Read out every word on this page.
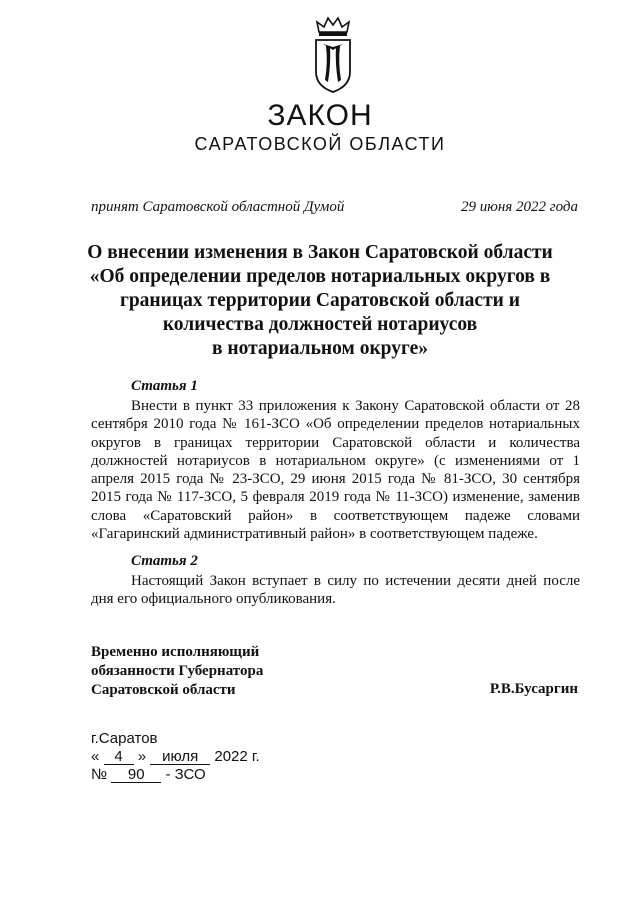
ЗАКОН
САРАТОВСКОЙ ОБЛАСТИ
принят Саратовской областной Думой	29 июня 2022 года
О внесении изменения в Закон Саратовской области
«Об определении пределов нотариальных округов в
границах территории Саратовской области и
количества должностей нотариусов
в нотариальном округе»
Статья 1
Внести в пункт 33 приложения к Закону Саратовской области от 28 сентября 2010 года № 161-ЗСО «Об определении пределов нотариальных округов в границах территории Саратовской области и количества должностей нотариусов в нотариальном округе» (с изменениями от 1 апреля 2015 года № 23-ЗСО, 29 июня 2015 года № 81-ЗСО, 30 сентября 2015 года № 117-ЗСО, 5 февраля 2019 года № 11-ЗСО) изменение, заменив слова «Саратовский район» в соответствующем падеже словами «Гагаринский административный район» в соответствующем падеже.
Статья 2
Настоящий Закон вступает в силу по истечении десяти дней после дня его официального опубликования.
Временно исполняющий
обязанности Губернатора
Саратовской области	Р.В.Бусаргин
г.Саратов
« 4 » июля 2022 г.
№ 90 - ЗСО
